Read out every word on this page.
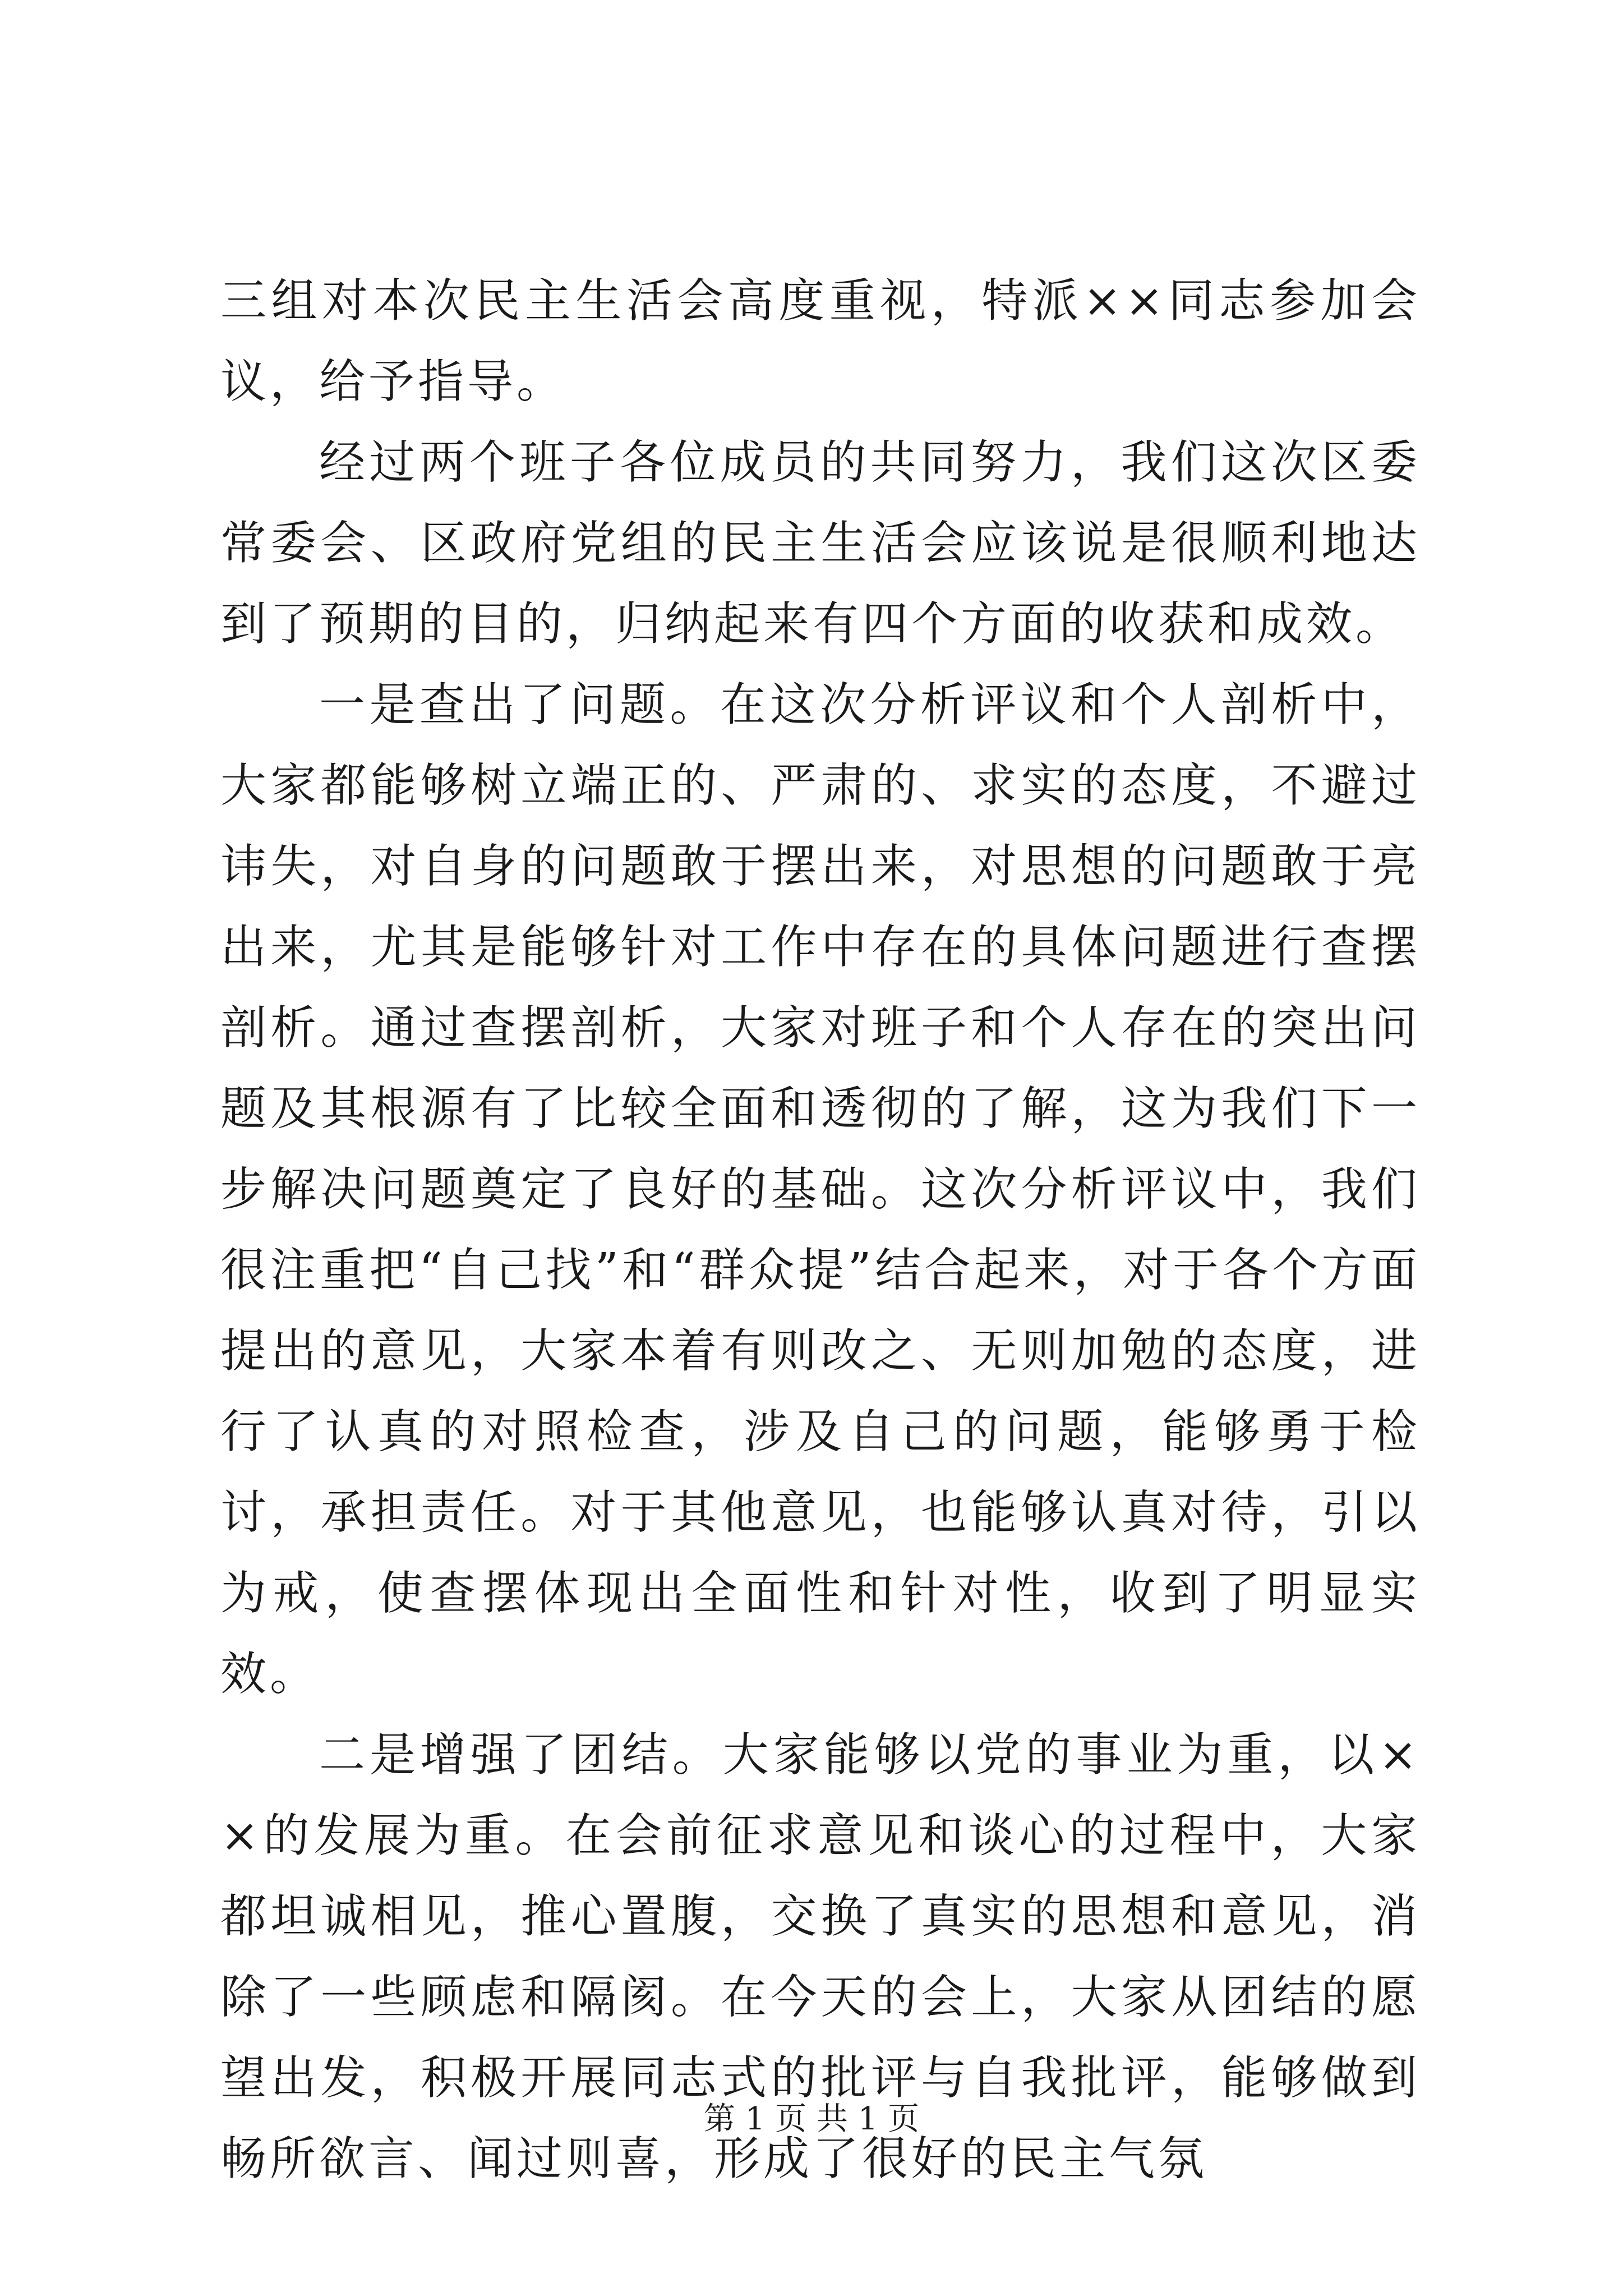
三组对本次民主生活会高度重视，特派××同志参加会议，给予指导。

经过两个班子各位成员的共同努力，我们这次区委常委会、区政府党组的民主生活会应该说是很顺利地达到了预期的目的，归纳起来有四个方面的收获和成效。

一是查出了问题。在这次分析评议和个人剖析中，大家都能够树立端正的、严肃的、求实的态度，不避过讳失，对自身的问题敢于摆出来，对思想的问题敢于亮出来，尤其是能够针对工作中存在的具体问题进行查摆剖析。通过查摆剖析，大家对班子和个人存在的突出问题及其根源有了比较全面和透彻的了解，这为我们下一步解决问题奠定了良好的基础。这次分析评议中，我们很注重把“自己找”和“群众提”结合起来，对于各个方面提出的意见，大家本着有则改之、无则加勉的态度，进行了认真的对照检查，涉及自己的问题，能够勇于检讨，承担责任。对于其他意见，也能够认真对待，引以为戒，使查摆体现出全面性和针对性，收到了明显实效。

二是增强了团结。大家能够以党的事业为重，以××的发展为重。在会前征求意见和谈心的过程中，大家都坦诚相见，推心置腹，交换了真实的思想和意见，消除了一些顾虑和隔阂。在今天的会上，大家从团结的愿望出发，积极开展同志式的批评与自我批评，能够做到畅所欲言、闻过则喜，形成了很好的民主气氛

第 1 页 共 1 页
